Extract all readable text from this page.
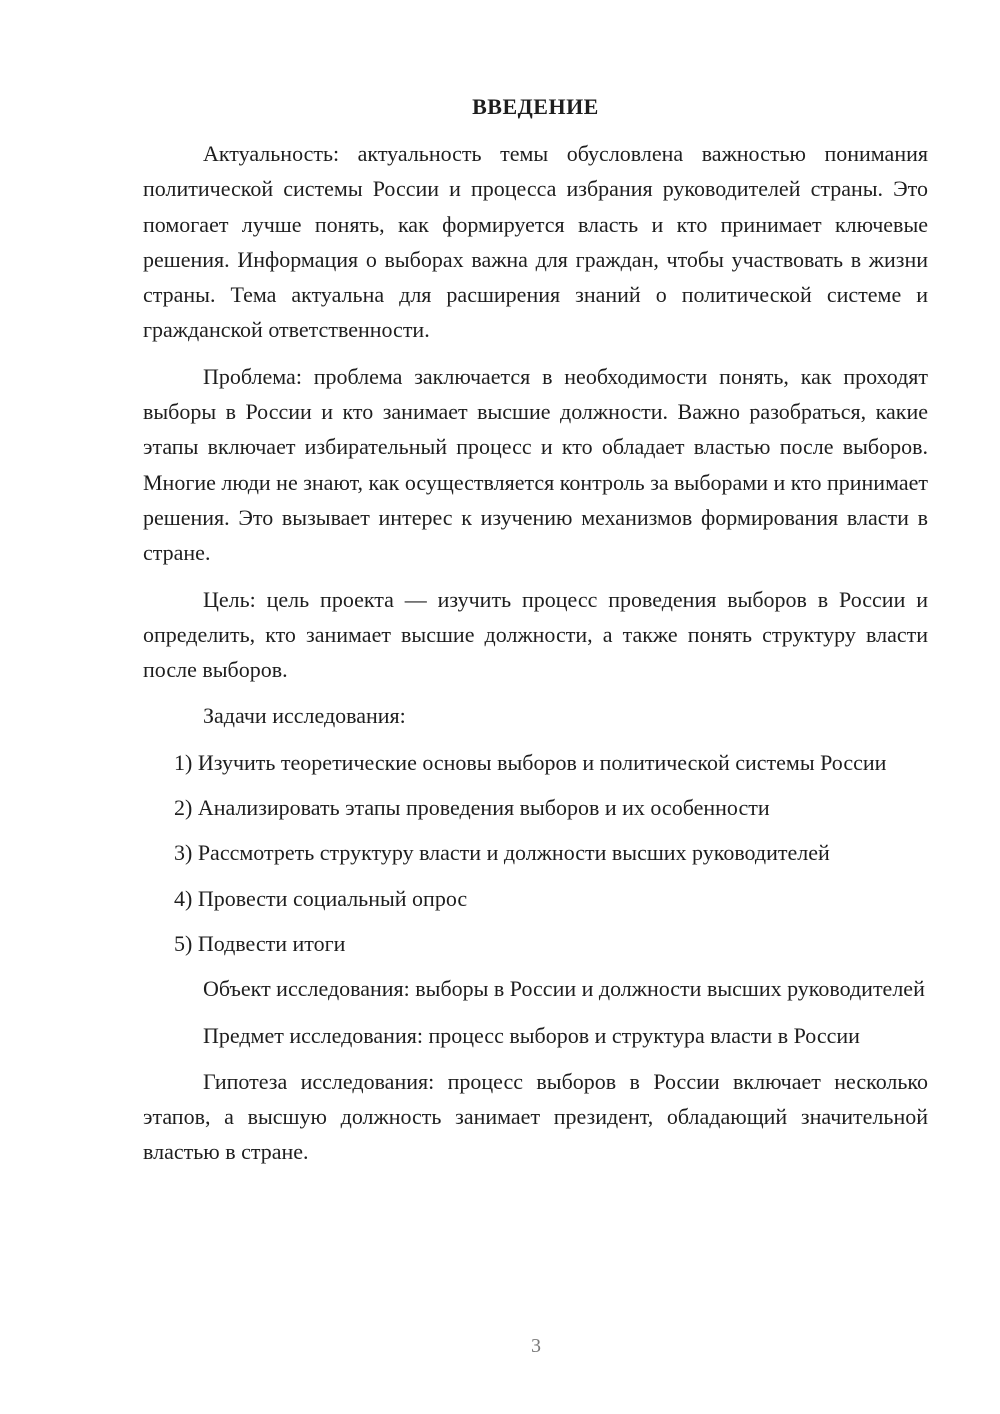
ВВЕДЕНИЕ

Актуальность: актуальность темы обусловлена важностью понимания политической системы России и процесса избрания руководителей страны. Это помогает лучше понять, как формируется власть и кто принимает ключевые решения. Информация о выборах важна для граждан, чтобы участвовать в жизни страны. Тема актуальна для расширения знаний о политической системе и гражданской ответственности.

Проблема: проблема заключается в необходимости понять, как проходят выборы в России и кто занимает высшие должности. Важно разобраться, какие этапы включает избирательный процесс и кто обладает властью после выборов. Многие люди не знают, как осуществляется контроль за выборами и кто принимает решения. Это вызывает интерес к изучению механизмов формирования власти в стране.

Цель: цель проекта — изучить процесс проведения выборов в России и определить, кто занимает высшие должности, а также понять структуру власти после выборов.

Задачи исследования:

1) Изучить теоретические основы выборов и политической системы России

2) Анализировать этапы проведения выборов и их особенности

3) Рассмотреть структуру власти и должности высших руководителей

4) Провести социальный опрос

5) Подвести итоги

Объект исследования: выборы в России и должности высших руководителей

Предмет исследования: процесс выборов и структура власти в России

Гипотеза исследования: процесс выборов в России включает несколько этапов, а высшую должность занимает президент, обладающий значительной властью в стране.

3
